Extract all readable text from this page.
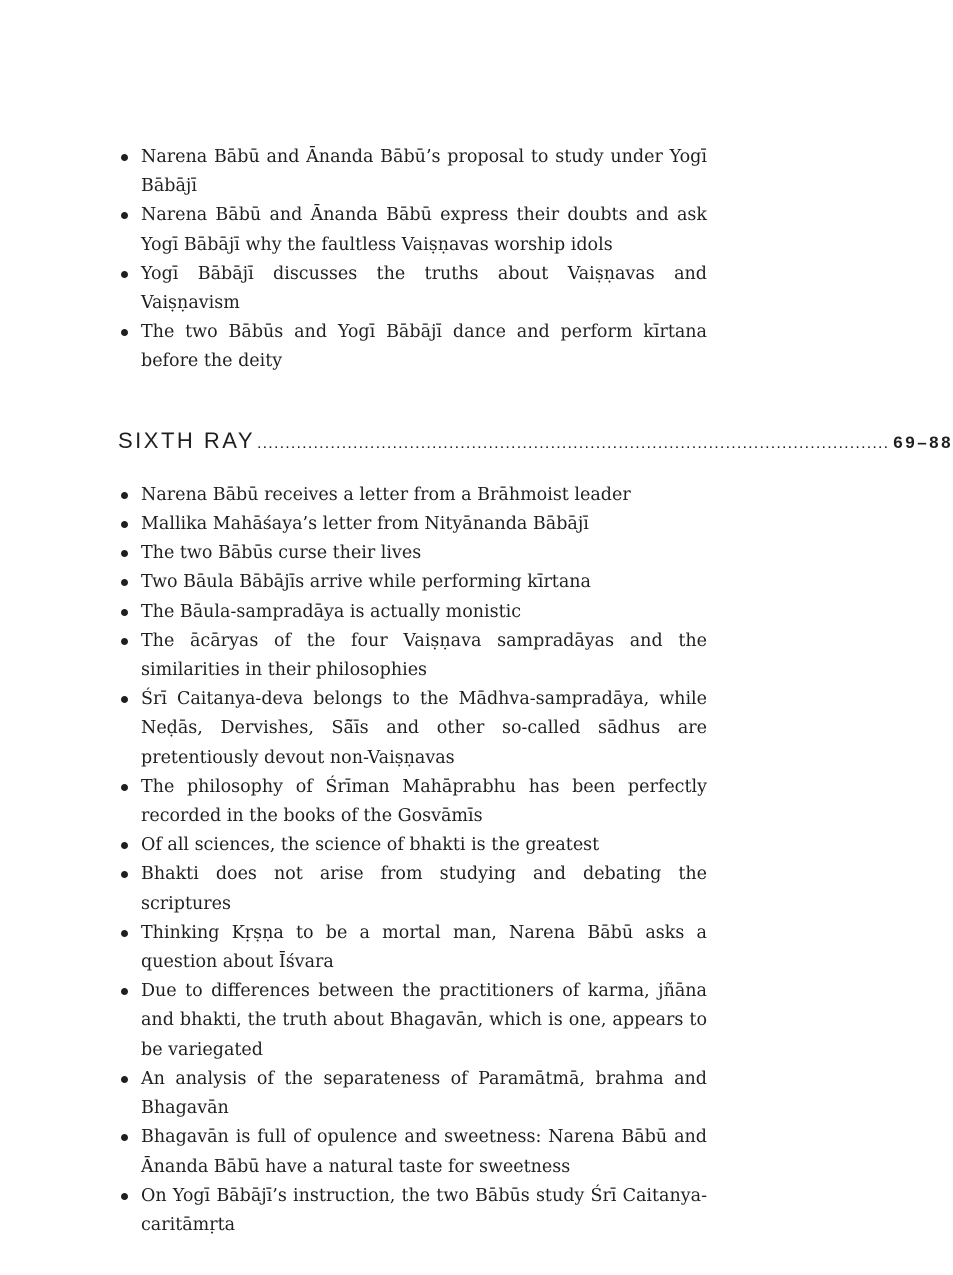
Narena Bābū and Ānanda Bābū’s proposal to study under Yogī Bābājī
Narena Bābū and Ānanda Bābū express their doubts and ask Yogī Bābājī why the faultless Vaiṣṇavas worship idols
Yogī Bābājī discusses the truths about Vaiṣṇavas and Vaiṣṇavism
The two Bābūs and Yogī Bābājī dance and perform kīrtana before the deity
SIXTH RAY ................................................................................................................ 69–88
Narena Bābū receives a letter from a Brāhmoist leader
Mallika Mahāśaya’s letter from Nityānanda Bābājī
The two Bābūs curse their lives
Two Bāula Bābājīs arrive while performing kīrtana
The Bāula-sampradāya is actually monistic
The ācāryas of the four Vaiṣṇava sampradāyas and the similarities in their philosophies
Śrī Caitanya-deva belongs to the Mādhva-sampradāya, while Neḍās, Dervishes, Sā̃īs and other so-called sādhus are pretentiously devout non-Vaiṣṇavas
The philosophy of Śrīman Mahāprabhu has been perfectly recorded in the books of the Gosvāmīs
Of all sciences, the science of bhakti is the greatest
Bhakti does not arise from studying and debating the scriptures
Thinking Kṛṣṇa to be a mortal man, Narena Bābū asks a question about Īśvara
Due to differences between the practitioners of karma, jñāna and bhakti, the truth about Bhagavān, which is one, appears to be variegated
An analysis of the separateness of Paramātmā, brahma and Bhagavān
Bhagavān is full of opulence and sweetness: Narena Bābū and Ānanda Bābū have a natural taste for sweetness
On Yogī Bābājī’s instruction, the two Bābūs study Śrī Caitanya-caritāmṛta
